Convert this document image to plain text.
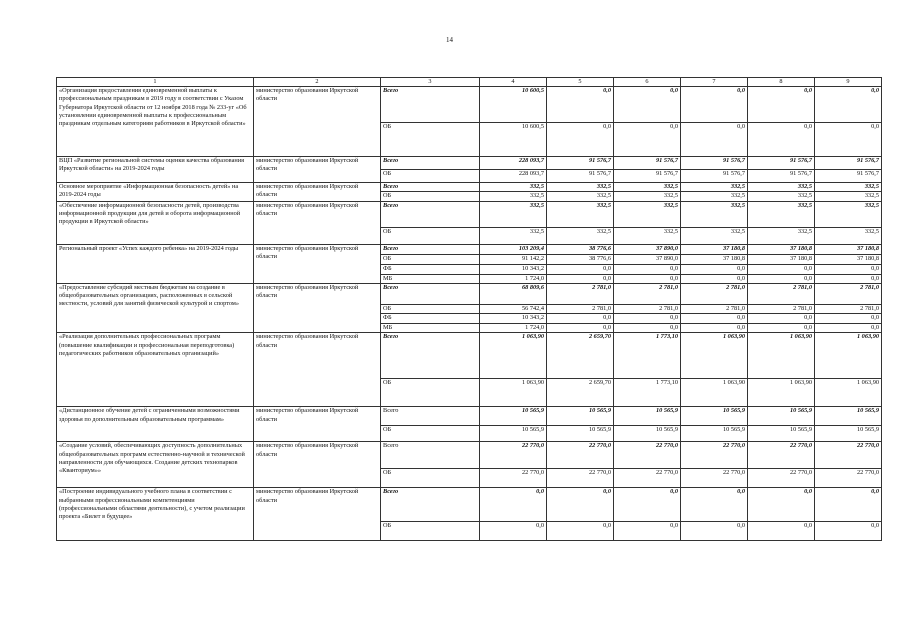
14
1	2	3	4	5	6	7	8	9
«Организация предоставления единовременной выплаты к профессиональным праздникам в 2019 году в соответствии с Указом Губернатора Иркутской области от 12 ноября 2018 года № 233-уг «Об установлении единовременной выплаты к профессиональным праздникам отдельным категориям работников в Иркутской области»	министерство образования Иркутской области	Всего	10 600,5	0,0	0,0	0,0	0,0	0,0
		ОБ	10 600,5	0,0	0,0	0,0	0,0	0,0
ВЦП «Развитие региональной системы оценки качества образования Иркутской области» на 2019-2024 годы	министерство образования Иркутской области	Всего	228 093,7	91 576,7	91 576,7	91 576,7	91 576,7	91 576,7
		ОБ	228 093,7	91 576,7	91 576,7	91 576,7	91 576,7	91 576,7
Основное мероприятие «Информационная безопасность детей» на 2019-2024 годы	министерство образования Иркутской области	Всего	332,5	332,5	332,5	332,5	332,5	332,5
		ОБ	332,5	332,5	332,5	332,5	332,5	332,5
«Обеспечение информационной безопасности детей, производства информационной продукции для детей и оборота информационной продукции в Иркутской области»	министерство образования Иркутской области	Всего	332,5	332,5	332,5	332,5	332,5	332,5
		ОБ	332,5	332,5	332,5	332,5	332,5	332,5
Региональный проект «Успех каждого ребенка» на 2019-2024 годы	министерство образования Иркутской области	Всего	103 209,4	38 776,6	37 890,0	37 180,8	37 180,8	37 180,8
		ОБ	91 142,2	38 776,6	37 890,0	37 180,8	37 180,8	37 180,8
		ФБ	10 343,2	0,0	0,0	0,0	0,0	0,0
		МБ	1 724,0	0,0	0,0	0,0	0,0	0,0
«Предоставление субсидий местным бюджетам на создание в общеобразовательных организациях, расположенных в сельской местности, условий для занятий физической культурой и спортом»	министерство образования Иркутской области	Всего	68 809,6	2 781,0	2 781,0	2 781,0	2 781,0	2 781,0
		ОБ	56 742,4	2 781,0	2 781,0	2 781,0	2 781,0	2 781,0
		ФБ	10 343,2	0,0	0,0	0,0	0,0	0,0
		МБ	1 724,0	0,0	0,0	0,0	0,0	0,0
«Реализация дополнительных профессиональных программ (повышение квалификации и профессиональная переподготовка) педагогических работников образовательных организаций»	министерство образования Иркутской области	Всего	1 063,90	2 659,70	1 773,10	1 063,90	1 063,90	1 063,90
		ОБ	1 063,90	2 659,70	1 773,10	1 063,90	1 063,90	1 063,90
«Дистанционное обучение детей с ограниченными возможностями здоровья по дополнительным образовательным программам»	министерство образования Иркутской области	Всего	10 565,9	10 565,9	10 565,9	10 565,9	10 565,9	10 565,9
		ОБ	10 565,9	10 565,9	10 565,9	10 565,9	10 565,9	10 565,9
«Создание условий, обеспечивающих доступность дополнительных общеобразовательных программ естественно-научной и технической направленности для обучающихся. Создание детских технопарков «Кванториум»»	министерство образования Иркутской области	Всего	22 770,0	22 770,0	22 770,0	22 770,0	22 770,0	22 770,0
		ОБ	22 770,0	22 770,0	22 770,0	22 770,0	22 770,0	22 770,0
«Построение индивидуального учебного плана в соответствии с выбранными профессиональными компетенциями (профессиональными областями деятельности), с учетом реализации проекта «Билет в будущее»	министерство образования Иркутской области	Всего	0,0	0,0	0,0	0,0	0,0	0,0
		ОБ	0,0	0,0	0,0	0,0	0,0	0,0
